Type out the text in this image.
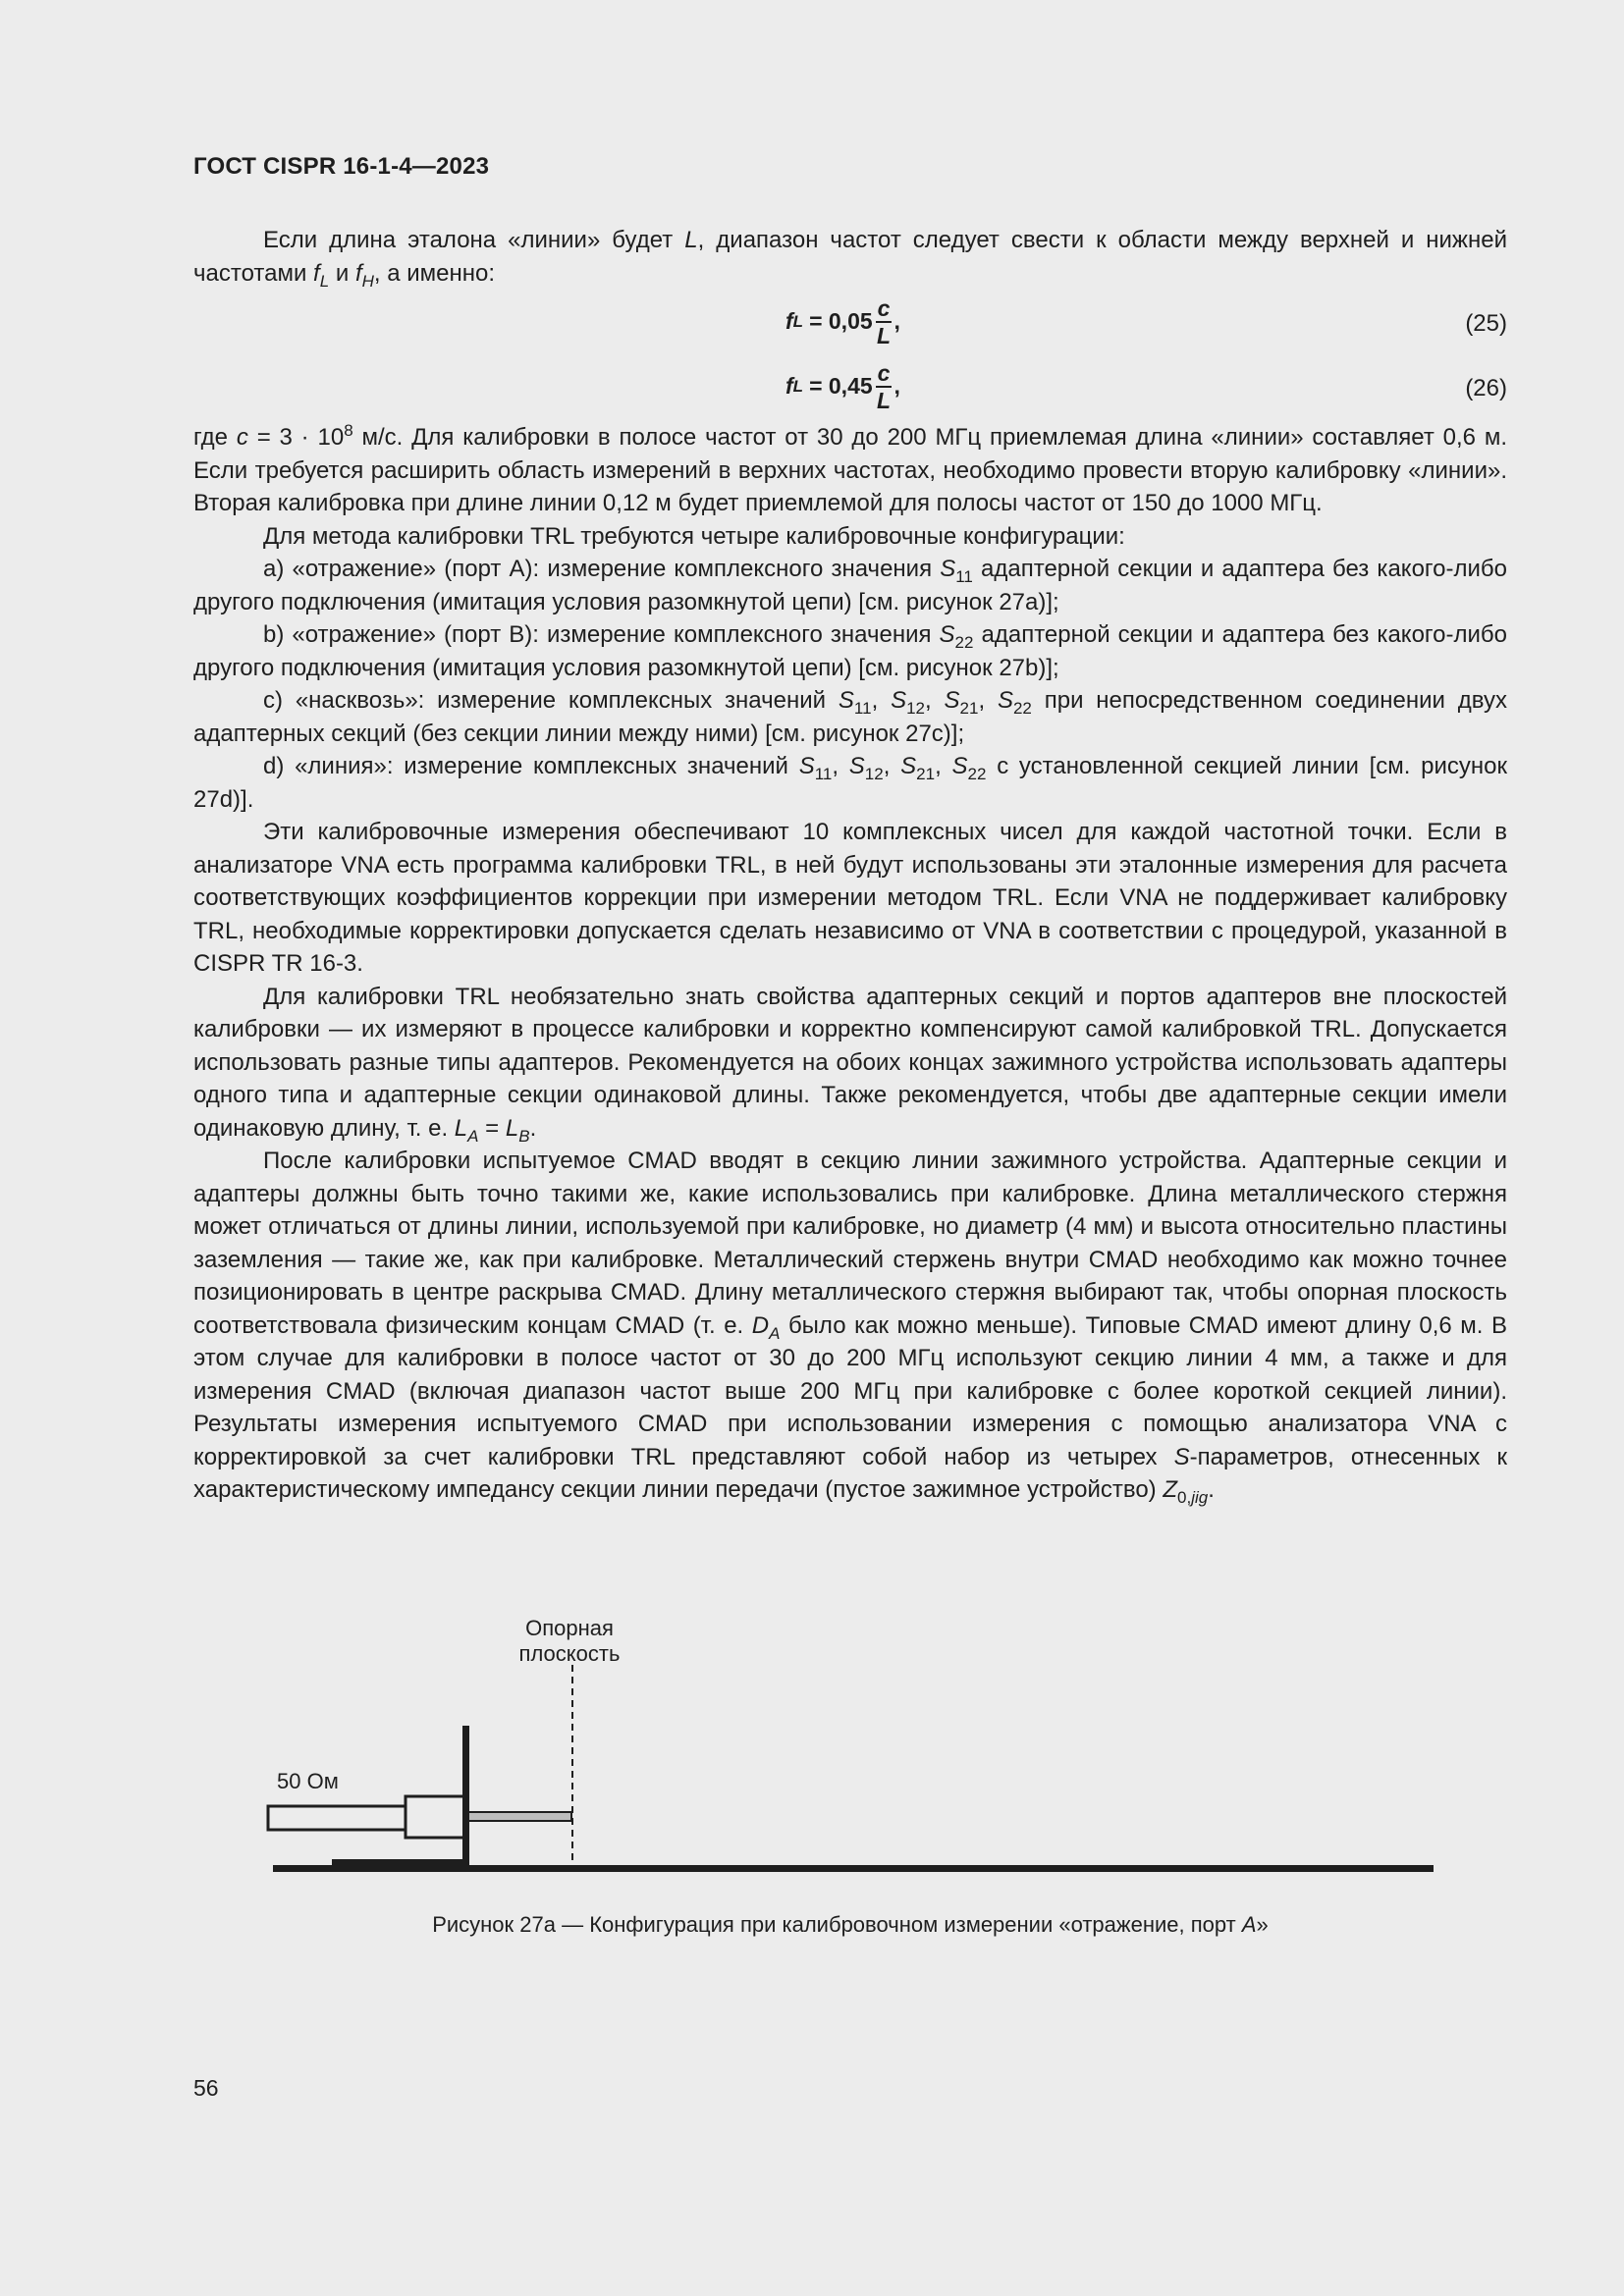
ГОСТ CISPR 16-1-4—2023

Если длина эталона «линии» будет L, диапазон частот следует свести к области между верхней и нижней частотами $f_L$ и $f_H$, а именно:

f $L = 0,05 \frac{c}{L}$ ,	(25)
f $L = 0,45 \frac{c}{L}$ ,	(26)

где $c = 3 \cdot 10^8$ м/с. Для калибровки в полосе частот от 30 до 200 МГц приемлемая длина «линии» составляет 0,6 м. Если требуется расширить область измерений в верхних частотах, необходимо провести вторую калибровку «линии». Вторая калибровка при длине линии 0,12 м будет приемлемой для полосы частот от 150 до 1000 МГц.

Для метода калибровки TRL требуются четыре калибровочные конфигурации:

a) «отражение» (порт A): измерение комплексного значения $S_{11}$ адаптерной секции и адаптера без какого-либо другого подключения (имитация условия разомкнутой цепи) [см. рисунок 27a)];

b) «отражение» (порт B): измерение комплексного значения $S_{22}$ адаптерной секции и адаптера без какого-либо другого подключения (имитация условия разомкнутой цепи) [см. рисунок 27b)];

c) «насквозь»: измерение комплексных значений $S_{11}$, $S_{12}$, $S_{21}$, $S_{22}$ при непосредственном соединении двух адаптерных секций (без секции линии между ними) [см. рисунок 27c)];

d) «линия»: измерение комплексных значений $S_{11}$, $S_{12}$, $S_{21}$, $S_{22}$ с установленной секцией линии [см. рисунок 27d)].

Эти калибровочные измерения обеспечивают 10 комплексных чисел для каждой частотной точки. Если в анализаторе VNA есть программа калибровки TRL, в ней будут использованы эти эталонные измерения для расчета соответствующих коэффициентов коррекции при измерении методом TRL. Если VNA не поддерживает калибровку TRL, необходимые корректировки допускается сделать независимо от VNA в соответствии с процедурой, указанной в CISPR TR 16-3.

Для калибровки TRL необязательно знать свойства адаптерных секций и портов адаптеров вне плоскостей калибровки — их измеряют в процессе калибровки и корректно компенсируют самой калибровкой TRL. Допускается использовать разные типы адаптеров. Рекомендуется на обоих концах зажимного устройства использовать адаптеры одного типа и адаптерные секции одинаковой длины. Также рекомендуется, чтобы две адаптерные секции имели одинаковую длину, т. е. $L_A = L_B$.

После калибровки испытуемое CMAD вводят в секцию линии зажимного устройства. Адаптерные секции и адаптеры должны быть точно такими же, какие использовались при калибровке. Длина металлического стержня может отличаться от длины линии, используемой при калибровке, но диаметр (4 мм) и высота относительно пластины заземления — такие же, как при калибровке. Металлический стержень внутри CMAD необходимо как можно точнее позиционировать в центре раскрыва CMAD. Длину металлического стержня выбирают так, чтобы опорная плоскость соответствовала физическим концам CMAD (т. е. $D_A$ было как можно меньше). Типовые CMAD имеют длину 0,6 м. В этом случае для калибровки в полосе частот от 30 до 200 МГц используют секцию линии 4 мм, а также и для измерения CMAD (включая диапазон частот выше 200 МГц при калибровке с более короткой секцией линии). Результаты измерения испытуемого CMAD при использовании измерения с помощью анализатора VNA с корректировкой за счет калибровки TRL представляют собой набор из четырех S-параметров, отнесенных к характеристическому импедансу секции линии передачи (пустое зажимное устройство) $Z_{0,jig}$.

Опорная
плоскость
50 Ом
Рисунок 27a — Конфигурация при калибровочном измерении «отражение, порт A»
56
